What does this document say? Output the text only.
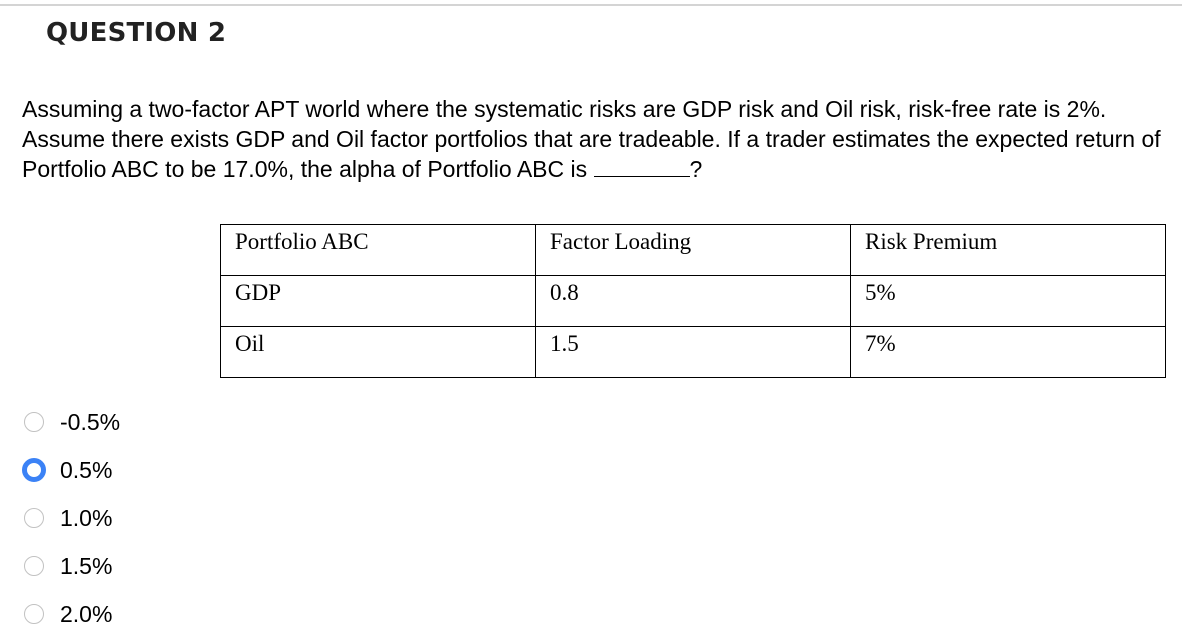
QUESTION 2
Assuming a two-factor APT world where the systematic risks are GDP risk and Oil risk, risk-free rate is 2%. Assume there exists GDP and Oil factor portfolios that are tradeable. If a trader estimates the expected return of Portfolio ABC to be 17.0%, the alpha of Portfolio ABC is	?
Portfolio ABC	Factor Loading	Risk Premium
GDP	0.8	5%
Oil	1.5	7%
-0.5%
0.5%
1.0%
1.5%
2.0%
